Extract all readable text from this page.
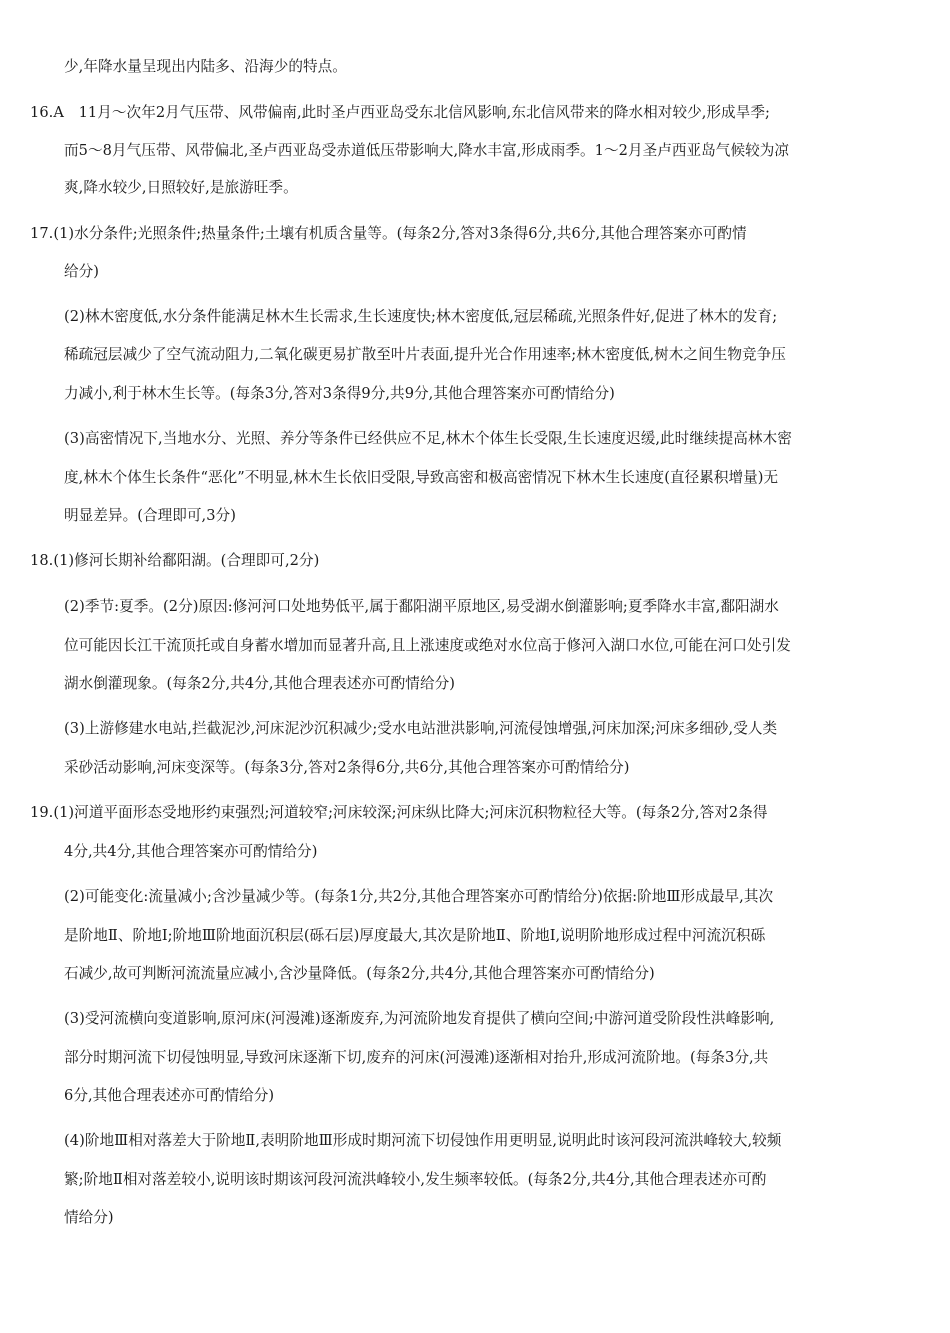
少,年降水量呈现出内陆多、沿海少的特点。
16.A　11月～次年2月气压带、风带偏南,此时圣卢西亚岛受东北信风影响,东北信风带来的降水相对较少,形成旱季;
而5～8月气压带、风带偏北,圣卢西亚岛受赤道低压带影响大,降水丰富,形成雨季。1～2月圣卢西亚岛气候较为凉
爽,降水较少,日照较好,是旅游旺季。
17.(1)水分条件;光照条件;热量条件;土壤有机质含量等。(每条2分,答对3条得6分,共6分,其他合理答案亦可酌情
给分)
(2)林木密度低,水分条件能满足林木生长需求,生长速度快;林木密度低,冠层稀疏,光照条件好,促进了林木的发育;
稀疏冠层减少了空气流动阻力,二氧化碳更易扩散至叶片表面,提升光合作用速率;林木密度低,树木之间生物竞争压
力减小,利于林木生长等。(每条3分,答对3条得9分,共9分,其他合理答案亦可酌情给分)
(3)高密情况下,当地水分、光照、养分等条件已经供应不足,林木个体生长受限,生长速度迟缓,此时继续提高林木密
度,林木个体生长条件“恶化”不明显,林木生长依旧受限,导致高密和极高密情况下林木生长速度(直径累积增量)无
明显差异。(合理即可,3分)
18.(1)修河长期补给鄱阳湖。(合理即可,2分)
(2)季节:夏季。(2分)原因:修河河口处地势低平,属于鄱阳湖平原地区,易受湖水倒灌影响;夏季降水丰富,鄱阳湖水
位可能因长江干流顶托或自身蓄水增加而显著升高,且上涨速度或绝对水位高于修河入湖口水位,可能在河口处引发
湖水倒灌现象。(每条2分,共4分,其他合理表述亦可酌情给分)
(3)上游修建水电站,拦截泥沙,河床泥沙沉积减少;受水电站泄洪影响,河流侵蚀增强,河床加深;河床多细砂,受人类
采砂活动影响,河床变深等。(每条3分,答对2条得6分,共6分,其他合理答案亦可酌情给分)
19.(1)河道平面形态受地形约束强烈;河道较窄;河床较深;河床纵比降大;河床沉积物粒径大等。(每条2分,答对2条得
4分,共4分,其他合理答案亦可酌情给分)
(2)可能变化:流量减小;含沙量减少等。(每条1分,共2分,其他合理答案亦可酌情给分)依据:阶地Ⅲ形成最早,其次
是阶地Ⅱ、阶地Ⅰ;阶地Ⅲ阶地面沉积层(砾石层)厚度最大,其次是阶地Ⅱ、阶地Ⅰ,说明阶地形成过程中河流沉积砾
石减少,故可判断河流流量应减小,含沙量降低。(每条2分,共4分,其他合理答案亦可酌情给分)
(3)受河流横向变道影响,原河床(河漫滩)逐渐废弃,为河流阶地发育提供了横向空间;中游河道受阶段性洪峰影响,
部分时期河流下切侵蚀明显,导致河床逐渐下切,废弃的河床(河漫滩)逐渐相对抬升,形成河流阶地。(每条3分,共
6分,其他合理表述亦可酌情给分)
(4)阶地Ⅲ相对落差大于阶地Ⅱ,表明阶地Ⅲ形成时期河流下切侵蚀作用更明显,说明此时该河段河流洪峰较大,较频
繁;阶地Ⅱ相对落差较小,说明该时期该河段河流洪峰较小,发生频率较低。(每条2分,共4分,其他合理表述亦可酌
情给分)
